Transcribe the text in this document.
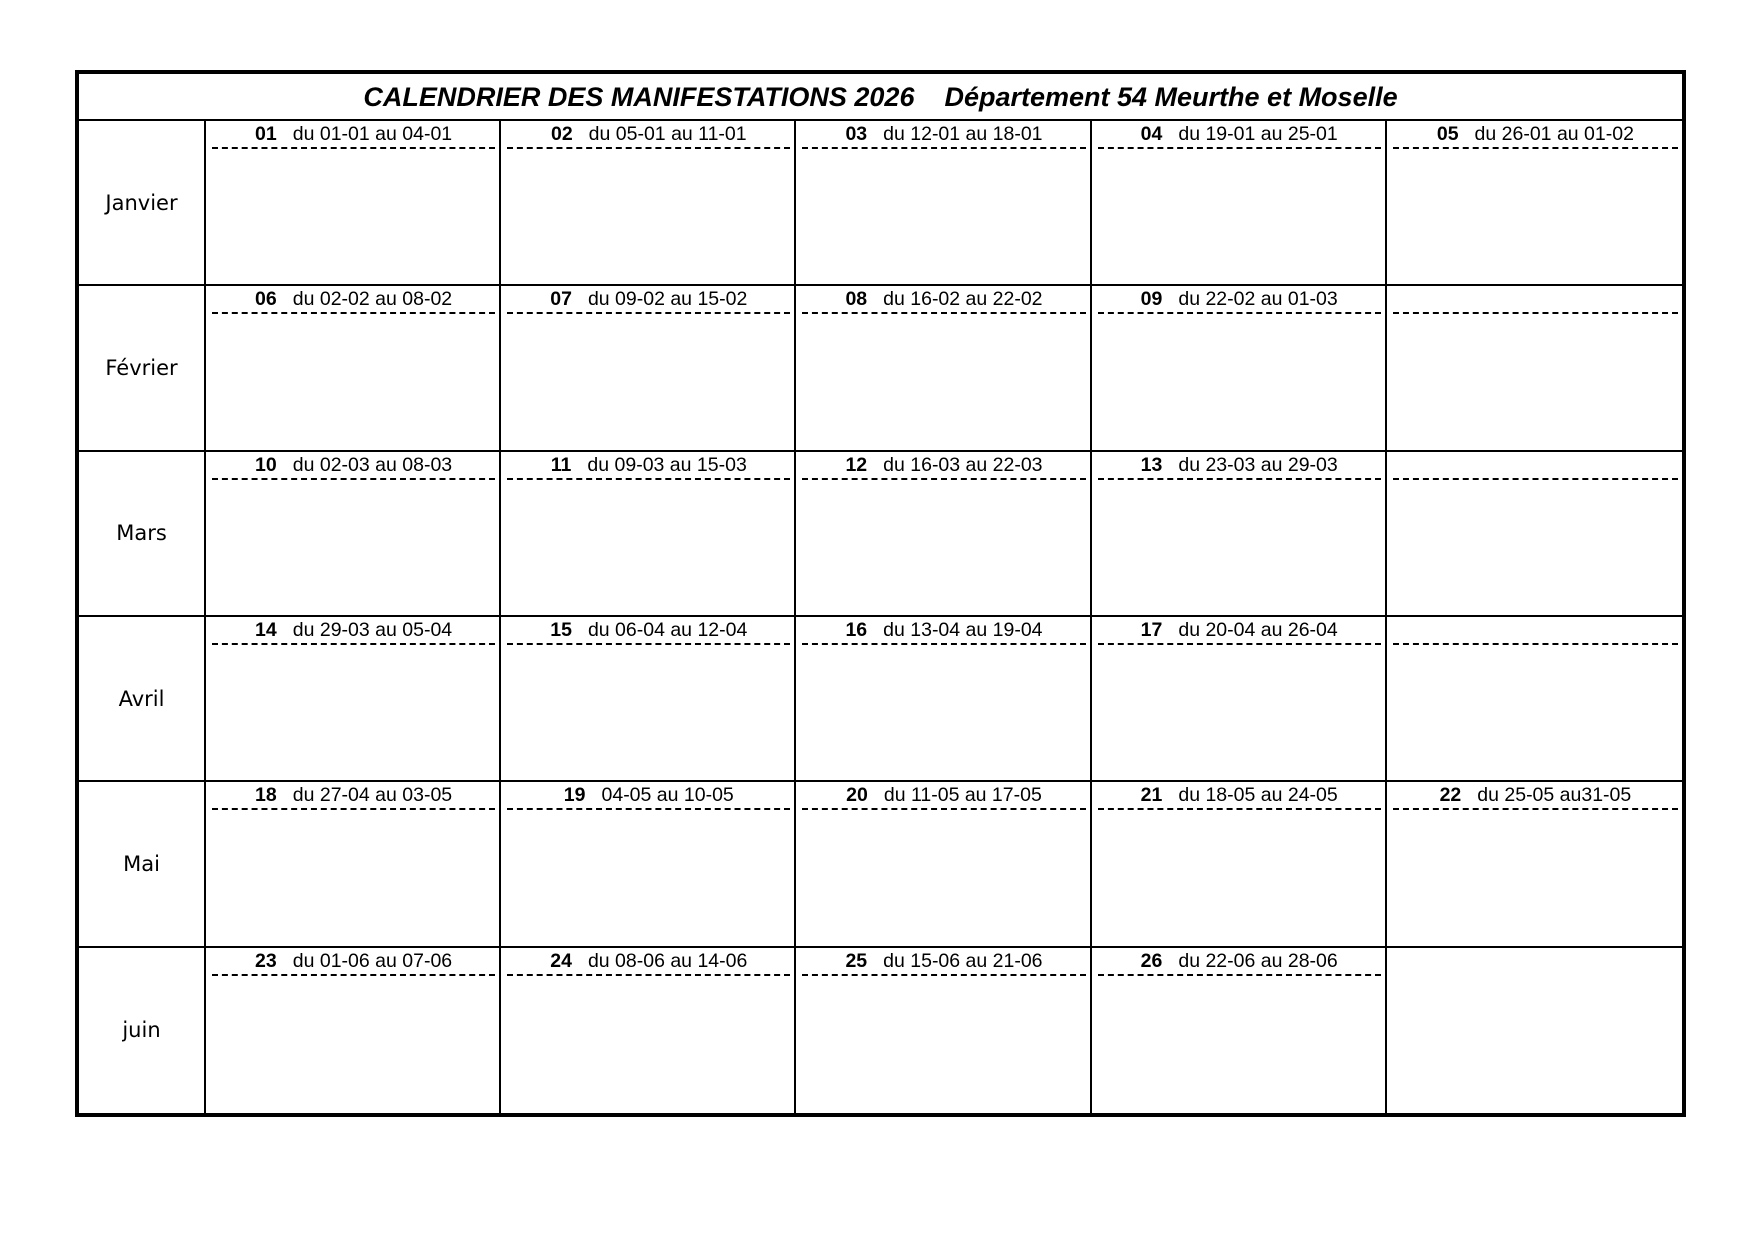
CALENDRIER DES MANIFESTATIONS 2026 Département 54 Meurthe et Moselle
Janvier
01 du 01-01 au 04-01	02 du 05-01 au 11-01	03 du 12-01 au 18-01	04 du 19-01 au 25-01	05 du 26-01 au 01-02
Février
06 du 02-02 au 08-02	07 du 09-02 au 15-02	08 du 16-02 au 22-02	09 du 22-02 au 01-03
Mars
10 du 02-03 au 08-03	11 du 09-03 au 15-03	12 du 16-03 au 22-03	13 du 23-03 au 29-03
Avril
14 du 29-03 au 05-04	15 du 06-04 au 12-04	16 du 13-04 au 19-04	17 du 20-04 au 26-04
Mai
18 du 27-04 au 03-05	19 04-05 au 10-05	20 du 11-05 au 17-05	21 du 18-05 au 24-05	22 du 25-05 au31-05
juin
23 du 01-06 au 07-06	24 du 08-06 au 14-06	25 du 15-06 au 21-06	26 du 22-06 au 28-06
